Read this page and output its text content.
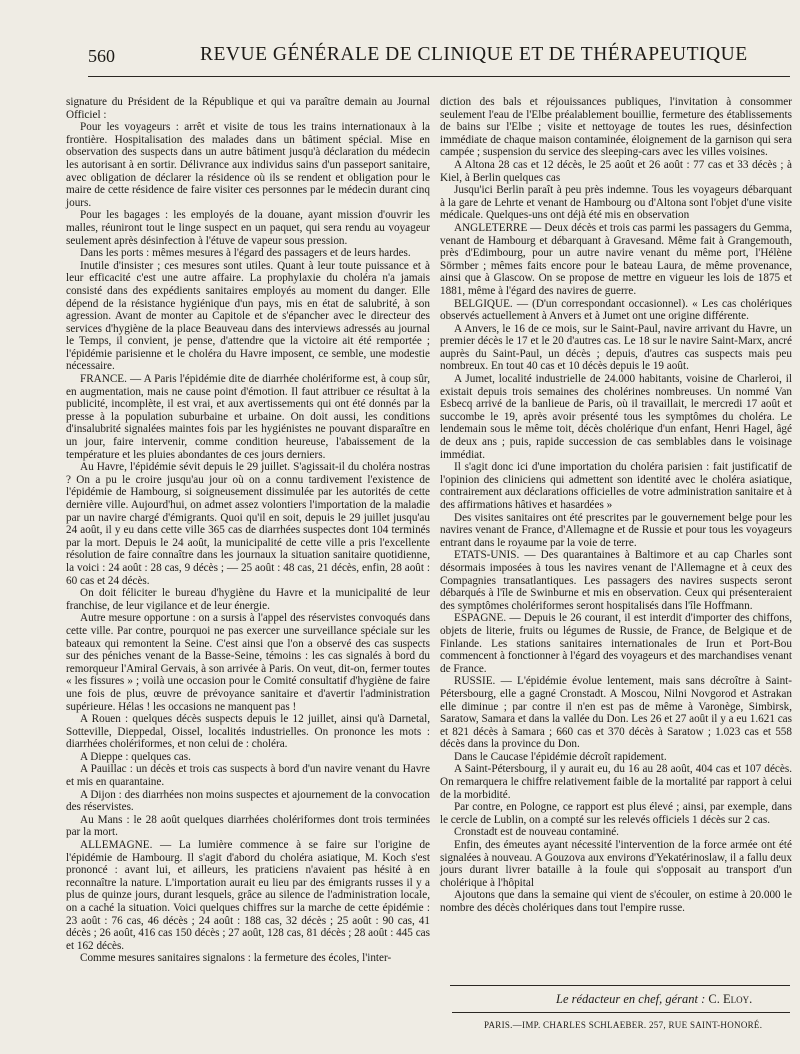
560	REVUE GÉNÉRALE DE CLINIQUE ET DE THÉRAPEUTIQUE

signature du Président de la République et qui va paraître demain au Journal Officiel :

Pour les voyageurs : arrêt et visite de tous les trains internationaux à la frontière. Hospitalisation des malades dans un bâtiment spécial. Mise en observation des suspects dans un autre bâtiment jusqu'à déclaration du médecin les autorisant à en sortir. Délivrance aux individus sains d'un passeport sanitaire, avec obligation de déclarer la résidence où ils se rendent et obligation pour le maire de cette résidence de faire visiter ces personnes par le médecin durant cinq jours.

Pour les bagages : les employés de la douane, ayant mission d'ouvrir les malles, réuniront tout le linge suspect en un paquet, qui sera rendu au voyageur seulement après désinfection à l'étuve de vapeur sous pression.

Dans les ports : mêmes mesures à l'égard des passagers et de leurs hardes.

Inutile d'insister ; ces mesures sont utiles. Quant à leur toute puissance et à leur efficacité c'est une autre affaire. La prophylaxie du choléra n'a jamais consisté dans des expédients sanitaires employés au moment du danger. Elle dépend de la résistance hygiénique d'un pays, mis en état de salubrité, à son agression. Avant de monter au Capitole et de s'épancher avec le directeur des services d'hygiène de la place Beauveau dans des interviews adressés au journal le Temps, il convient, je pense, d'attendre que la victoire ait été remportée ; l'épidémie parisienne et le choléra du Havre imposent, ce semble, une modestie nécessaire.

FRANCE. — A Paris l'épidémie dite de diarrhée cholériforme est, à coup sûr, en augmentation, mais ne cause point d'émotion. Il faut attribuer ce résultat à la publicité, incomplète, il est vrai, et aux avertissements qui ont été donnés par la presse à la population suburbaine et urbaine. On doit aussi, les conditions d'insalubrité signalées maintes fois par les hygiénistes ne pouvant disparaître en un jour, faire intervenir, comme condition heureuse, l'abaissement de la température et les pluies abondantes de ces jours derniers.

Au Havre, l'épidémie sévit depuis le 29 juillet. S'agissait-il du choléra nostras ? On a pu le croire jusqu'au jour où on a connu tardivement l'existence de l'épidémie de Hambourg, si soigneusement dissimulée par les autorités de cette dernière ville. Aujourd'hui, on admet assez volontiers l'importation de la maladie par un navire chargé d'émigrants. Quoi qu'il en soit, depuis le 29 juillet jusqu'au 24 août, il y eu dans cette ville 365 cas de diarrhées suspectes dont 104 terminés par la mort. Depuis le 24 août, la municipalité de cette ville a pris l'excellente résolution de faire connaître dans les journaux la situation sanitaire quotidienne, la voici : 24 août : 28 cas, 9 décès ; — 25 août : 48 cas, 21 décès, enfin, 28 août : 60 cas et 24 décès.

On doit féliciter le bureau d'hygiène du Havre et la municipalité de leur franchise, de leur vigilance et de leur énergie.

Autre mesure opportune : on a sursis à l'appel des réservistes convoqués dans cette ville. Par contre, pourquoi ne pas exercer une surveillance spéciale sur les bateaux qui remontent la Seine. C'est ainsi que l'on a observé des cas suspects sur des péniches venant de la Basse-Seine, témoins : les cas signalés à bord du remorqueur l'Amiral Gervais, à son arrivée à Paris. On veut, dit-on, fermer toutes « les fissures » ; voilà une occasion pour le Comité consultatif d'hygiène de faire une fois de plus, œuvre de prévoyance sanitaire et d'avertir l'administration supérieure. Hélas ! les occasions ne manquent pas !

A Rouen : quelques décès suspects depuis le 12 juillet, ainsi qu'à Darnetal, Sotteville, Dieppedal, Oissel, localités industrielles. On prononce les mots : diarrhées cholériformes, et non celui de : choléra.

A Dieppe : quelques cas.

A Pauillac : un décès et trois cas suspects à bord d'un navire venant du Havre et mis en quarantaine.

A Dijon : des diarrhées non moins suspectes et ajournement de la convocation des réservistes.

Au Mans : le 28 août quelques diarrhées cholériformes dont trois terminées par la mort.

ALLEMAGNE. — La lumière commence à se faire sur l'origine de l'épidémie de Hambourg. Il s'agit d'abord du choléra asiatique, M. Koch s'est prononcé : avant lui, et ailleurs, les praticiens n'avaient pas hésité à en reconnaître la nature. L'importation aurait eu lieu par des émigrants russes il y a plus de quinze jours, durant lesquels, grâce au silence de l'administration locale, on a caché la situation. Voici quelques chiffres sur la marche de cette épidémie : 23 août : 76 cas, 46 décès ; 24 août : 188 cas, 32 décès ; 25 août : 90 cas, 41 décès ; 26 août, 416 cas 150 décès ; 27 août, 128 cas, 81 décès ; 28 août : 445 cas et 162 décès.

Comme mesures sanitaires signalons : la fermeture des écoles, l'inter-

diction des bals et réjouissances publiques, l'invitation à consommer seulement l'eau de l'Elbe préalablement bouillie, fermeture des établissements de bains sur l'Elbe ; visite et nettoyage de toutes les rues, désinfection immédiate de chaque maison contaminée, éloignement de la garnison qui sera campée ; suspension du service des sleeping-cars avec les villes voisines.

A Altona 28 cas et 12 décès, le 25 août et 26 août : 77 cas et 33 décès ; à Kiel, à Berlin quelques cas

Jusqu'ici Berlin paraît à peu près indemne. Tous les voyageurs débarquant à la gare de Lehrte et venant de Hambourg ou d'Altona sont l'objet d'une visite médicale. Quelques-uns ont déjà été mis en observation

ANGLETERRE — Deux décès et trois cas parmi les passagers du Gemma, venant de Hambourg et débarquant à Gravesand. Même fait à Grangemouth, près d'Edimbourg, pour un autre navire venant du même port, l'Hélène Sörmber ; mêmes faits encore pour le bateau Laura, de même provenance, ainsi que à Glascow. On se propose de mettre en vigueur les lois de 1875 et 1881, même à l'égard des navires de guerre.

BELGIQUE. — (D'un correspondant occasionnel). « Les cas cholériques observés actuellement à Anvers et à Jumet ont une origine différente.

A Anvers, le 16 de ce mois, sur le Saint-Paul, navire arrivant du Havre, un premier décès le 17 et le 20 d'autres cas. Le 18 sur le navire Saint-Marx, ancré auprès du Saint-Paul, un décès ; depuis, d'autres cas suspects mais peu nombreux. En tout 40 cas et 10 décès depuis le 19 août.

A Jumet, localité industrielle de 24.000 habitants, voisine de Charleroi, il existait depuis trois semaines des cholérines nombreuses. Un nommé Van Esbecq arrivé de la banlieue de Paris, où il travaillait, le mercredi 17 août et succombe le 19, après avoir présenté tous les symptômes du choléra. Le lendemain sous le même toit, décès cholérique d'un enfant, Henri Hagel, âgé de deux ans ; puis, rapide succession de cas semblables dans le voisinage immédiat.

Il s'agit donc ici d'une importation du choléra parisien : fait justificatif de l'opinion des cliniciens qui admettent son identité avec le choléra asiatique, contrairement aux déclarations officielles de votre administration sanitaire et à des affirmations hâtives et hasardées »

Des visites sanitaires ont été prescrites par le gouvernement belge pour les navires venant de France, d'Allemagne et de Russie et pour tous les voyageurs entrant dans le royaume par la voie de terre.

ETATS-UNIS. — Des quarantaines à Baltimore et au cap Charles sont désormais imposées à tous les navires venant de l'Allemagne et à ceux des Compagnies transatlantiques. Les passagers des navires suspects seront débarqués à l'île de Swinburne et mis en observation. Ceux qui présenteraient des symptômes cholériformes seront hospitalisés dans l'île Hoffmann.

ESPAGNE. — Depuis le 26 courant, il est interdit d'importer des chiffons, objets de literie, fruits ou légumes de Russie, de France, de Belgique et de Finlande. Les stations sanitaires internationales de Irun et Port-Bou commencent à fonctionner à l'égard des voyageurs et des marchandises venant de France.

RUSSIE. — L'épidémie évolue lentement, mais sans décroître à Saint-Pétersbourg, elle a gagné Cronstadt. A Moscou, Nilni Novgorod et Astrakan elle diminue ; par contre il n'en est pas de même à Varonège, Simbirsk, Saratow, Samara et dans la vallée du Don. Les 26 et 27 août il y a eu 1.621 cas et 821 décès à Samara ; 660 cas et 370 décès à Saratow ; 1.023 cas et 558 décès dans la province du Don.

Dans le Caucase l'épidémie décroît rapidement.

A Saint-Pétersbourg, il y aurait eu, du 16 au 28 août, 404 cas et 107 décès. On remarquera le chiffre relativement faible de la mortalité par rapport à celui de la morbidité.

Par contre, en Pologne, ce rapport est plus élevé ; ainsi, par exemple, dans le cercle de Lublin, on a compté sur les relevés officiels 1 décès sur 2 cas.

Cronstadt est de nouveau contaminé.

Enfin, des émeutes ayant nécessité l'intervention de la force armée ont été signalées à nouveau. A Gouzova aux environs d'Yekatérinoslaw, il a fallu deux jours durant livrer bataille à la foule qui s'opposait au transport d'un cholérique à l'hôpital

Ajoutons que dans la semaine qui vient de s'écouler, on estime à 20.000 le nombre des décès cholériques dans tout l'empire russe.

Le rédacteur en chef, gérant : C. Eloy.
PARIS.—IMP. CHARLES SCHLAEBER. 257, RUE SAINT-HONORÉ.
